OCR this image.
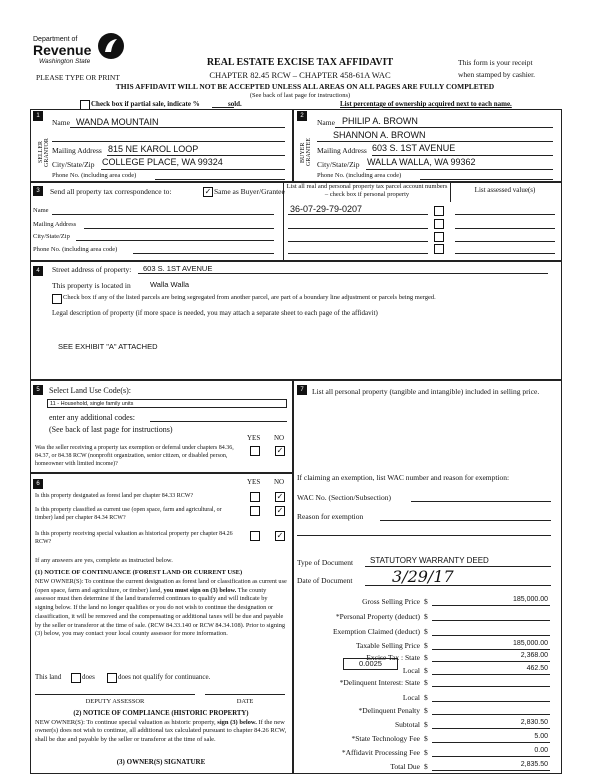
Department of
Revenue
Washington State
PLEASE TYPE OR PRINT
REAL ESTATE EXCISE TAX AFFIDAVIT
CHAPTER 82.45 RCW – CHAPTER 458-61A WAC
This form is your receipt
when stamped by cashier.
THIS AFFIDAVIT WILL NOT BE ACCEPTED UNLESS ALL AREAS ON ALL PAGES ARE FULLY COMPLETED
(See back of last page for instructions)
Check box if partial sale, indicate %	sold.	List percentage of ownership acquired next to each name.
1
SELLER GRANTOR
Name WANDA MOUNTAIN
Mailing Address 815 NE KAROL LOOP
City/State/Zip COLLEGE PLACE, WA 99324
Phone No. (including area code)
2
BUYER GRANTEE
Name PHILIP A. BROWN
SHANNON A. BROWN
Mailing Address 603 S. 1ST AVENUE
City/State/Zip WALLA WALLA, WA 99362
Phone No. (including area code)
3	Send all property tax correspondence to:	✓ Same as Buyer/Grantee
List all real and personal property tax parcel account numbers – check box if personal property
List assessed value(s)
Name
Mailing Address
City/State/Zip
Phone No. (including area code)
36-07-29-79-0207
4	Street address of property: 603 S. 1ST AVENUE
This property is located in	Walla Walla
Check box if any of the listed parcels are being segregated from another parcel, are part of a boundary line adjustment or parcels being merged.
Legal description of property (if more space is needed, you may attach a separate sheet to each page of the affidavit)
SEE EXHIBIT "A" ATTACHED
5	Select Land Use Code(s):
11 - Household, single family units
enter any additional codes:
(See back of last page for instructions)
YES NO
Was the seller receiving a property tax exemption or deferral under chapters 84.36, 84.37, or 84.38 RCW (nonprofit organization, senior citizen, or disabled person, homeowner with limited income)?
✓
6	YES NO
Is this property designated as forest land per chapter 84.33 RCW?	✓
Is this property classified as current use (open space, farm and agricultural, or timber) land per chapter 84.34 RCW?
✓
Is this property receiving special valuation as historical property per chapter 84.26 RCW?
✓
If any answers are yes, complete as instructed below.
(1) NOTICE OF CONTINUANCE (FOREST LAND OR CURRENT USE)
NEW OWNER(S): To continue the current designation as forest land or classification as current use (open space, farm and agriculture, or timber) land, you must sign on (3) below. The county assessor must then determine if the land transferred continues to qualify and will indicate by signing below. If the land no longer qualifies or you do not wish to continue the designation or classification, it will be removed and the compensating or additional taxes will be due and payable by the seller or transferor at the time of sale. (RCW 84.33.140 or RCW 84.34.108). Prior to signing (3) below, you may contact your local county assessor for more information.
This land	does	does not qualify for continuance.
DEPUTY ASSESSOR	DATE
(2) NOTICE OF COMPLIANCE (HISTORIC PROPERTY)
NEW OWNER(S): To continue special valuation as historic property, sign (3) below. If the new owner(s) does not wish to continue, all additional tax calculated pursuant to chapter 84.26 RCW, shall be due and payable by the seller or transferor at the time of sale.
(3) OWNER(S) SIGNATURE
7	List all personal property (tangible and intangible) included in selling price.
If claiming an exemption, list WAC number and reason for exemption:
WAC No. (Section/Subsection)
Reason for exemption
Type of Document STATUTORY WARRANTY DEED
Date of Document 3/29/17
Gross Selling Price $	185,000.00
*Personal Property (deduct) $
Exemption Claimed (deduct) $
Taxable Selling Price $	185,000.00
Excise Tax : State $	2,368.00
Local $	462.50
*Delinquent Interest: State $
Local $
*Delinquent Penalty $
Subtotal $	2,830.50
*State Technology Fee $	5.00
*Affidavit Processing Fee $	0.00
Total Due $	2,835.50
0.0025
